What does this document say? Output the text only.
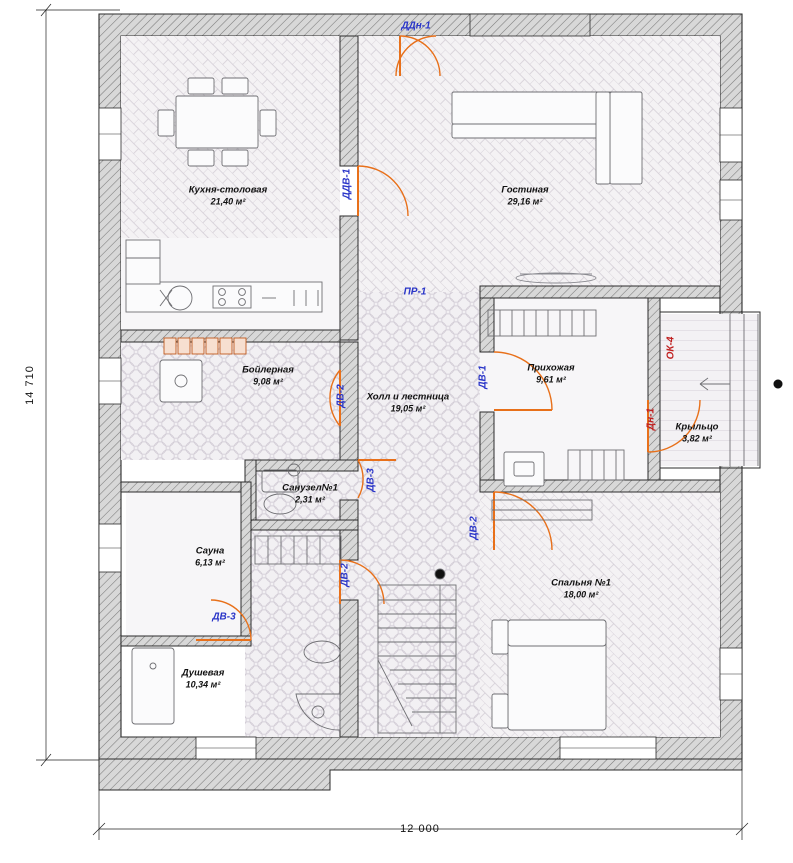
Кухня-столовая
21,40 м²
Гостиная
29,16 м²
Бойлерная
9,08 м²
Холл и лестница
19,05 м²
Прихожая
9,61 м²
Крыльцо
3,82 м²
Санузел№1
2,31 м²
Сауна
6,13 м²
Душевая
10,34 м²
Спальня №1
18,00 м²
ДДн-1
ДДВ-1
ПР-1
ДВ-1
ДВ-2
ДВ-3
ДВ-2
ДВ-2
ДВ-3
ОК-4
Дн-1
14 710
12 000
